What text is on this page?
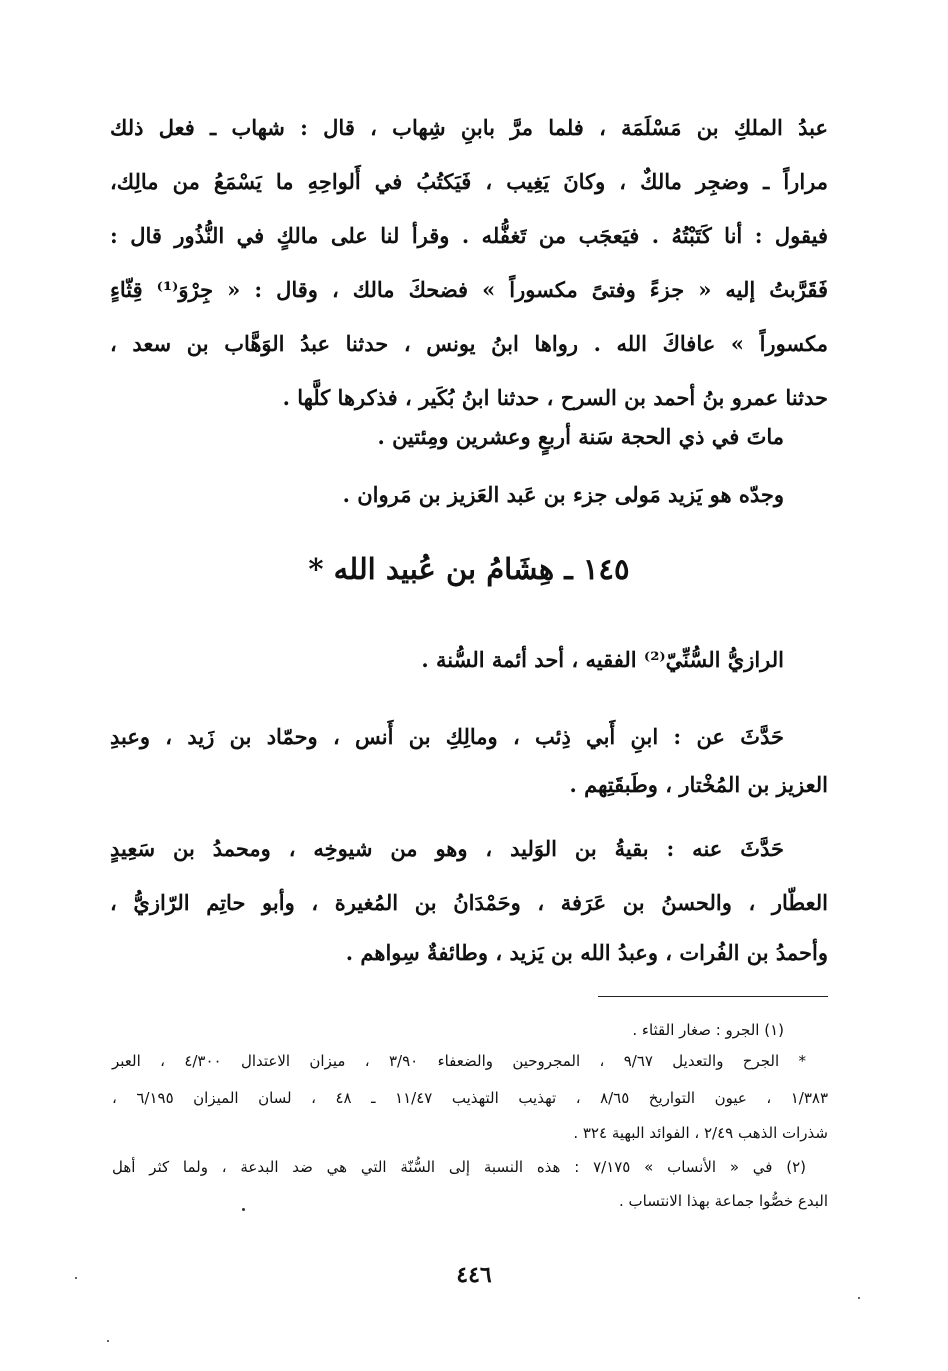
عبدُ الملكِ بن مَسْلَمَة ، فلما مرَّ بابنِ شِهاب ، قال : شهاب ـ فعل ذلك

مراراً ـ وضجِر مالكٌ ، وكانَ يَغِيب ، فَيَكتُبُ في أَلواحِهِ ما يَسْمَعُ من مالِك،

فيقول : أنا كَتَبْتُهُ . فيَعجَب من تَغفُّله . وقرأ لنا على مالكٍ في النُّذُور قال :

فَقَرَّبتُ إليه « جزءً وفتىً مكسوراً » فضحكَ مالك ، وقال : « جِرْوَ⁽¹⁾ قِثّاءٍ

مكسوراً » عافاكَ الله . رواها ابنُ يونس ، حدثنا عبدُ الوَهَّاب بن سعد ،

حدثنا عمرو بنُ أحمد بن السرح ، حدثنا ابنُ بُكَير ، فذكرها كلَّها .

ماتَ في ذي الحجة سَنة أربعٍ وعشرين ومِئتين .

وجدّه هو يَزيد مَولى جزء بن عَبد العَزيز بن مَروان .

١٤٥ ـ هِشَامُ بن عُبيد الله *

الرازيُّ السُّنِّيّ⁽²⁾ الفقيه ، أحد أئمة السُّنة .

حَدَّثَ عن : ابنِ أَبي ذِئب ، ومالِكِ بن أَنس ، وحمّاد بن زَيد ، وعبدِ

العزيز بن المُخْتار ، وطَبقَتِهم .

حَدَّثَ عنه : بقيةُ بن الوَليد ، وهو من شيوخِه ، ومحمدُ بن سَعِيدٍ

العطّار ، والحسنُ بن عَرَفة ، وحَمْدَانُ بن المُغيرة ، وأبو حاتِم الرّازيُّ ،

وأحمدُ بن الفُرات ، وعبدُ الله بن يَزيد ، وطائفةٌ سِواهم .

(١) الجرو : صغار القثاء .

* الجرح والتعديل ٩/٦٧ ، المجروحين والضعفاء ٣/٩٠ ، ميزان الاعتدال ٤/٣٠٠ ، العبر

١/٣٨٣ ، عيون التواريخ ٨/٦٥ ، تهذيب التهذيب ١١/٤٧ ـ ٤٨ ، لسان الميزان ٦/١٩٥ ،

شذرات الذهب ٢/٤٩ ، الفوائد البهية ٣٢٤ .

(٢) في « الأنساب » ٧/١٧٥ : هذه النسبة إلى السُّنّة التي هي ضد البدعة ، ولما كثر أهل

البدع خصُّوا جماعة بهذا الانتساب .

٤٤٦
